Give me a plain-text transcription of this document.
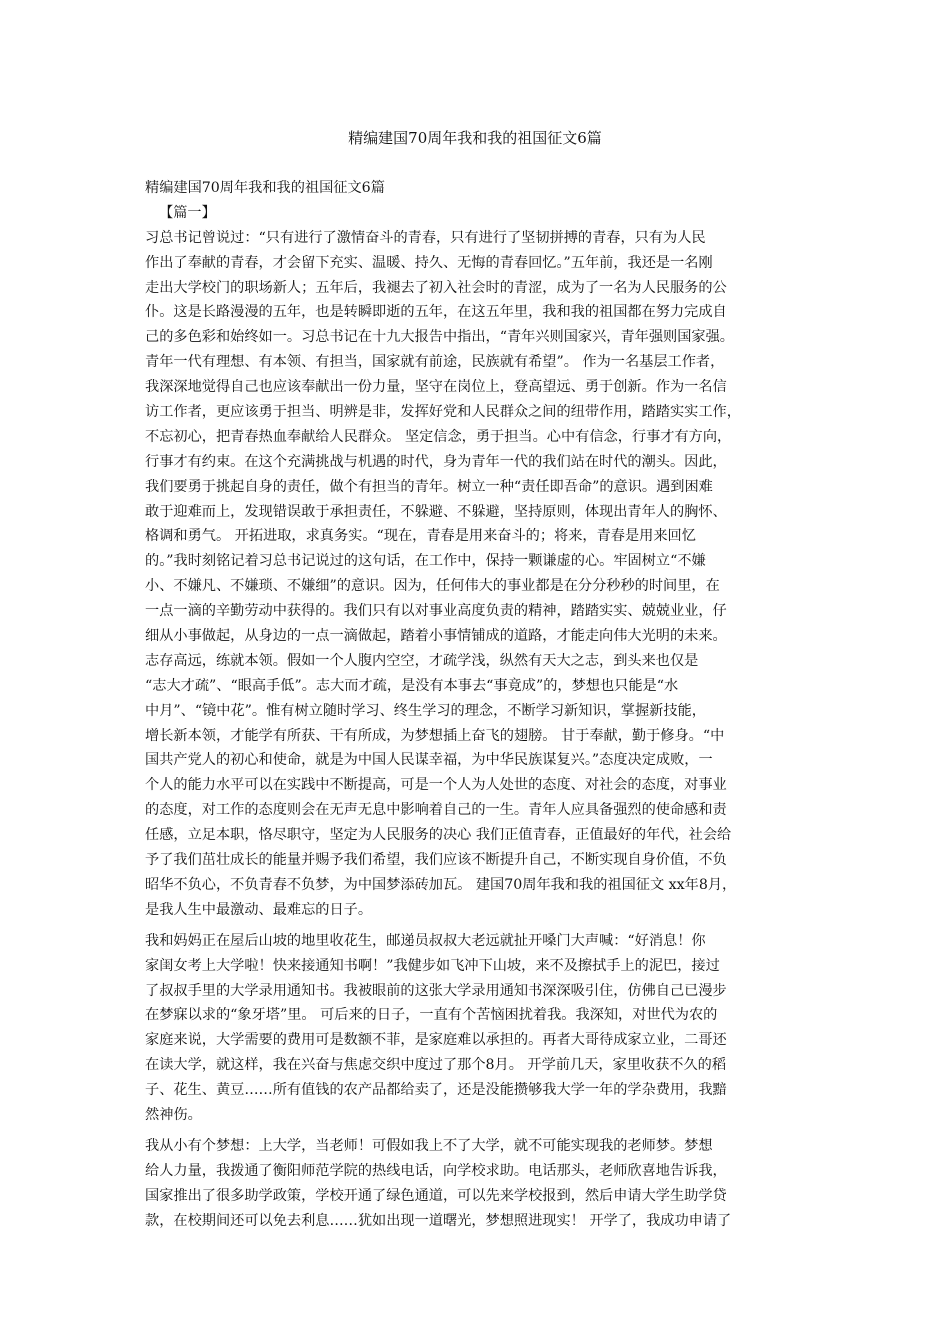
精编建国70周年我和我的祖国征文6篇
精编建国70周年我和我的祖国征文6篇
【篇一】
习总书记曾说过：“只有进行了激情奋斗的青春，只有进行了坚韧拼搏的青春，只有为人民
作出了奉献的青春，才会留下充实、温暖、持久、无悔的青春回忆。”五年前，我还是一名刚
走出大学校门的职场新人；五年后，我褪去了初入社会时的青涩，成为了一名为人民服务的公
仆。这是长路漫漫的五年，也是转瞬即逝的五年，在这五年里，我和我的祖国都在努力完成自
己的多色彩和始终如一。习总书记在十九大报告中指出，“青年兴则国家兴，青年强则国家强。
青年一代有理想、有本领、有担当，国家就有前途，民族就有希望”。 作为一名基层工作者，
我深深地觉得自己也应该奉献出一份力量，坚守在岗位上，登高望远、勇于创新。作为一名信
访工作者，更应该勇于担当、明辨是非，发挥好党和人民群众之间的纽带作用，踏踏实实工作，
不忘初心，把青春热血奉献给人民群众。 坚定信念，勇于担当。心中有信念，行事才有方向，
行事才有约束。在这个充满挑战与机遇的时代，身为青年一代的我们站在时代的潮头。因此，
我们要勇于挑起自身的责任，做个有担当的青年。树立一种“责任即吾命”的意识。遇到困难
敢于迎难而上，发现错误敢于承担责任，不躲避、不躲避，坚持原则，体现出青年人的胸怀、
格调和勇气。 开拓进取，求真务实。“现在，青春是用来奋斗的；将来，青春是用来回忆
的。”我时刻铭记着习总书记说过的这句话，在工作中，保持一颗谦虚的心。牢固树立“不嫌
小、不嫌凡、不嫌琐、不嫌细”的意识。因为，任何伟大的事业都是在分分秒秒的时间里，在
一点一滴的辛勤劳动中获得的。我们只有以对事业高度负责的精神，踏踏实实、兢兢业业，仔
细从小事做起，从身边的一点一滴做起，踏着小事情铺成的道路，才能走向伟大光明的未来。
志存高远，练就本领。假如一个人腹内空空，才疏学浅，纵然有天大之志，到头来也仅是
“志大才疏”、“眼高手低”。志大而才疏，是没有本事去“事竟成”的，梦想也只能是“水
中月”、“镜中花”。惟有树立随时学习、终生学习的理念，不断学习新知识，掌握新技能，
增长新本领，才能学有所获、干有所成，为梦想插上奋飞的翅膀。 甘于奉献，勤于修身。“中
国共产党人的初心和使命，就是为中国人民谋幸福，为中华民族谋复兴。”态度决定成败，一
个人的能力水平可以在实践中不断提高，可是一个人为人处世的态度、对社会的态度，对事业
的态度，对工作的态度则会在无声无息中影响着自己的一生。青年人应具备强烈的使命感和责
任感，立足本职，恪尽职守，坚定为人民服务的决心 我们正值青春，正值最好的年代，社会给
予了我们茁壮成长的能量并赐予我们希望，我们应该不断提升自己，不断实现自身价值，不负
昭华不负心，不负青春不负梦，为中国梦添砖加瓦。 建国70周年我和我的祖国征文 xx年8月，
是我人生中最激动、最难忘的日子。
我和妈妈正在屋后山坡的地里收花生，邮递员叔叔大老远就扯开嗓门大声喊：“好消息！你
家闺女考上大学啦！快来接通知书啊！”我健步如飞冲下山坡，来不及擦拭手上的泥巴，接过
了叔叔手里的大学录用通知书。我被眼前的这张大学录用通知书深深吸引住，仿佛自己已漫步
在梦寐以求的“象牙塔”里。 可后来的日子，一直有个苦恼困扰着我。我深知，对世代为农的
家庭来说，大学需要的费用可是数额不菲，是家庭难以承担的。再者大哥待成家立业，二哥还
在读大学，就这样，我在兴奋与焦虑交织中度过了那个8月。 开学前几天，家里收获不久的稻
子、花生、黄豆……所有值钱的农产品都给卖了，还是没能攒够我大学一年的学杂费用，我黯
然神伤。
我从小有个梦想：上大学，当老师！可假如我上不了大学，就不可能实现我的老师梦。梦想
给人力量，我拨通了衡阳师范学院的热线电话，向学校求助。电话那头，老师欣喜地告诉我，
国家推出了很多助学政策，学校开通了绿色通道，可以先来学校报到，然后申请大学生助学贷
款，在校期间还可以免去利息……犹如出现一道曙光，梦想照进现实！ 开学了，我成功申请了
